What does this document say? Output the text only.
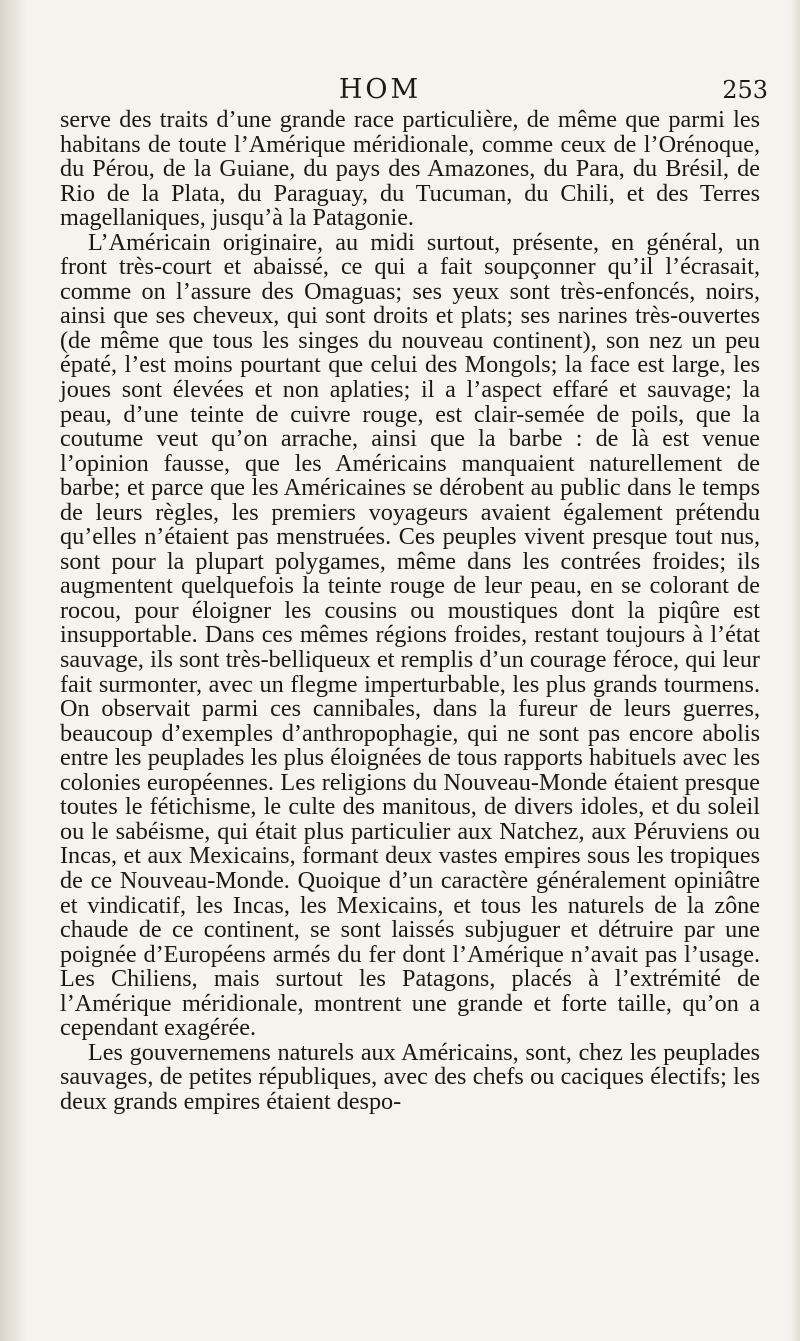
HOM	253

serve des traits d’une grande race particulière, de même que parmi les habitans de toute l’Amérique méridionale, comme ceux de l’Orénoque, du Pérou, de la Guiane, du pays des Amazones, du Para, du Brésil, de Rio de la Plata, du Paraguay, du Tucuman, du Chili, et des Terres magellaniques, jusqu’à la Patagonie.

L’Américain originaire, au midi surtout, présente, en général, un front très-court et abaissé, ce qui a fait soupçonner qu’il l’écrasait, comme on l’assure des Omaguas; ses yeux sont très-enfoncés, noirs, ainsi que ses cheveux, qui sont droits et plats; ses narines très-ouvertes (de même que tous les singes du nouveau continent), son nez un peu épaté, l’est moins pourtant que celui des Mongols; la face est large, les joues sont élevées et non aplaties; il a l’aspect effaré et sauvage; la peau, d’une teinte de cuivre rouge, est clair-semée de poils, que la coutume veut qu’on arrache, ainsi que la barbe : de là est venue l’opinion fausse, que les Américains manquaient naturellement de barbe; et parce que les Américaines se dérobent au public dans le temps de leurs règles, les premiers voyageurs avaient également prétendu qu’elles n’étaient pas menstruées. Ces peuples vivent presque tout nus, sont pour la plupart polygames, même dans les contrées froides; ils augmentent quelquefois la teinte rouge de leur peau, en se colorant de rocou, pour éloigner les cousins ou moustiques dont la piqûre est insupportable. Dans ces mêmes régions froides, restant toujours à l’état sauvage, ils sont très-belliqueux et remplis d’un courage féroce, qui leur fait surmonter, avec un flegme imperturbable, les plus grands tourmens. On observait parmi ces cannibales, dans la fureur de leurs guerres, beaucoup d’exemples d’anthropophagie, qui ne sont pas encore abolis entre les peuplades les plus éloignées de tous rapports habituels avec les colonies européennes. Les religions du Nouveau-Monde étaient presque toutes le fétichisme, le culte des manitous, de divers idoles, et du soleil ou le sabéisme, qui était plus particulier aux Natchez, aux Péruviens ou Incas, et aux Mexicains, formant deux vastes empires sous les tropiques de ce Nouveau-Monde. Quoique d’un caractère généralement opiniâtre et vindicatif, les Incas, les Mexicains, et tous les naturels de la zône chaude de ce continent, se sont laissés subjuguer et détruire par une poignée d’Européens armés du fer dont l’Amérique n’avait pas l’usage. Les Chiliens, mais surtout les Patagons, placés à l’extrémité de l’Amérique méridionale, montrent une grande et forte taille, qu’on a cependant exagérée.

Les gouvernemens naturels aux Américains, sont, chez les peuplades sauvages, de petites républiques, avec des chefs ou caciques électifs; les deux grands empires étaient despo-
